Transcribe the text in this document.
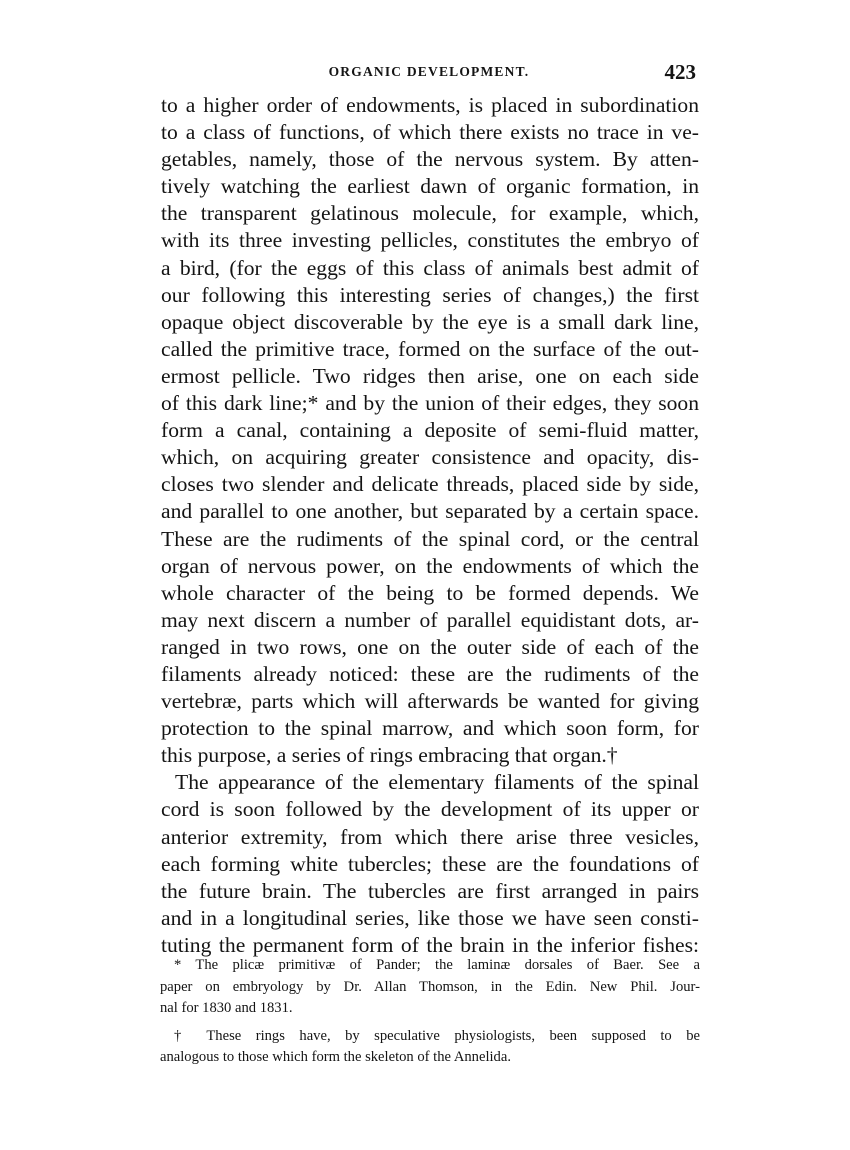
ORGANIC DEVELOPMENT.	423
to a higher order of endowments, is placed in subordination
to a class of functions, of which there exists no trace in ve-
getables, namely, those of the nervous system. By atten-
tively watching the earliest dawn of organic formation, in
the transparent gelatinous molecule, for example, which,
with its three investing pellicles, constitutes the embryo of
a bird, (for the eggs of this class of animals best admit of
our following this interesting series of changes,) the first
opaque object discoverable by the eye is a small dark line,
called the primitive trace, formed on the surface of the out-
ermost pellicle. Two ridges then arise, one on each side
of this dark line;* and by the union of their edges, they soon
form a canal, containing a deposite of semi-fluid matter,
which, on acquiring greater consistence and opacity, dis-
closes two slender and delicate threads, placed side by side,
and parallel to one another, but separated by a certain space.
These are the rudiments of the spinal cord, or the central
organ of nervous power, on the endowments of which the
whole character of the being to be formed depends. We
may next discern a number of parallel equidistant dots, ar-
ranged in two rows, one on the outer side of each of the
filaments already noticed: these are the rudiments of the
vertebræ, parts which will afterwards be wanted for giving
protection to the spinal marrow, and which soon form, for
this purpose, a series of rings embracing that organ.†
The appearance of the elementary filaments of the spinal
cord is soon followed by the development of its upper or
anterior extremity, from which there arise three vesicles,
each forming white tubercles; these are the foundations of
the future brain. The tubercles are first arranged in pairs
and in a longitudinal series, like those we have seen consti-
tuting the permanent form of the brain in the inferior fishes:
* The plicæ primitivæ of Pander; the laminæ dorsales of Baer. See a
paper on embryology by Dr. Allan Thomson, in the Edin. New Phil. Jour-
nal for 1830 and 1831.
† These rings have, by speculative physiologists, been supposed to be
analogous to those which form the skeleton of the Annelida.
